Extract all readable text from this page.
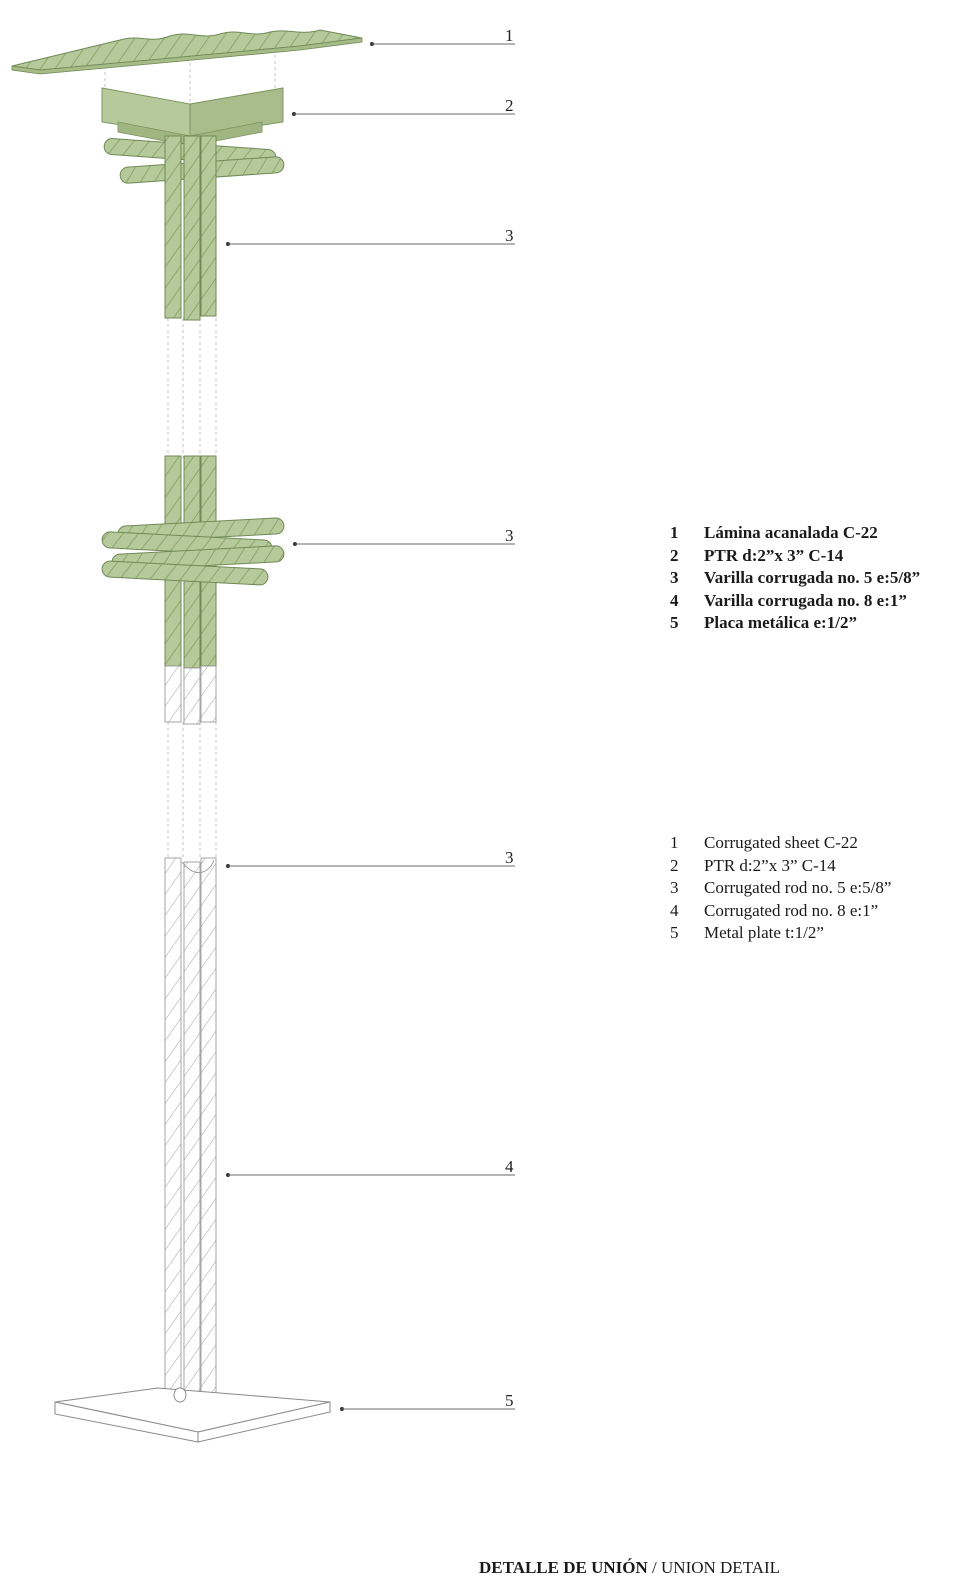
1
2
3
3
3
4
5
1	Lámina acanalada C-22
2	PTR d:2”x 3” C-14
3	Varilla corrugada no. 5 e:5/8”
4	Varilla corrugada no. 8 e:1”
5	Placa metálica e:1/2”
1	Corrugated sheet C-22
2	PTR d:2”x 3” C-14
3	Corrugated rod no. 5 e:5/8”
4	Corrugated rod no. 8 e:1”
5	Metal plate t:1/2”
DETALLE DE UNIÓN / UNION DETAIL
